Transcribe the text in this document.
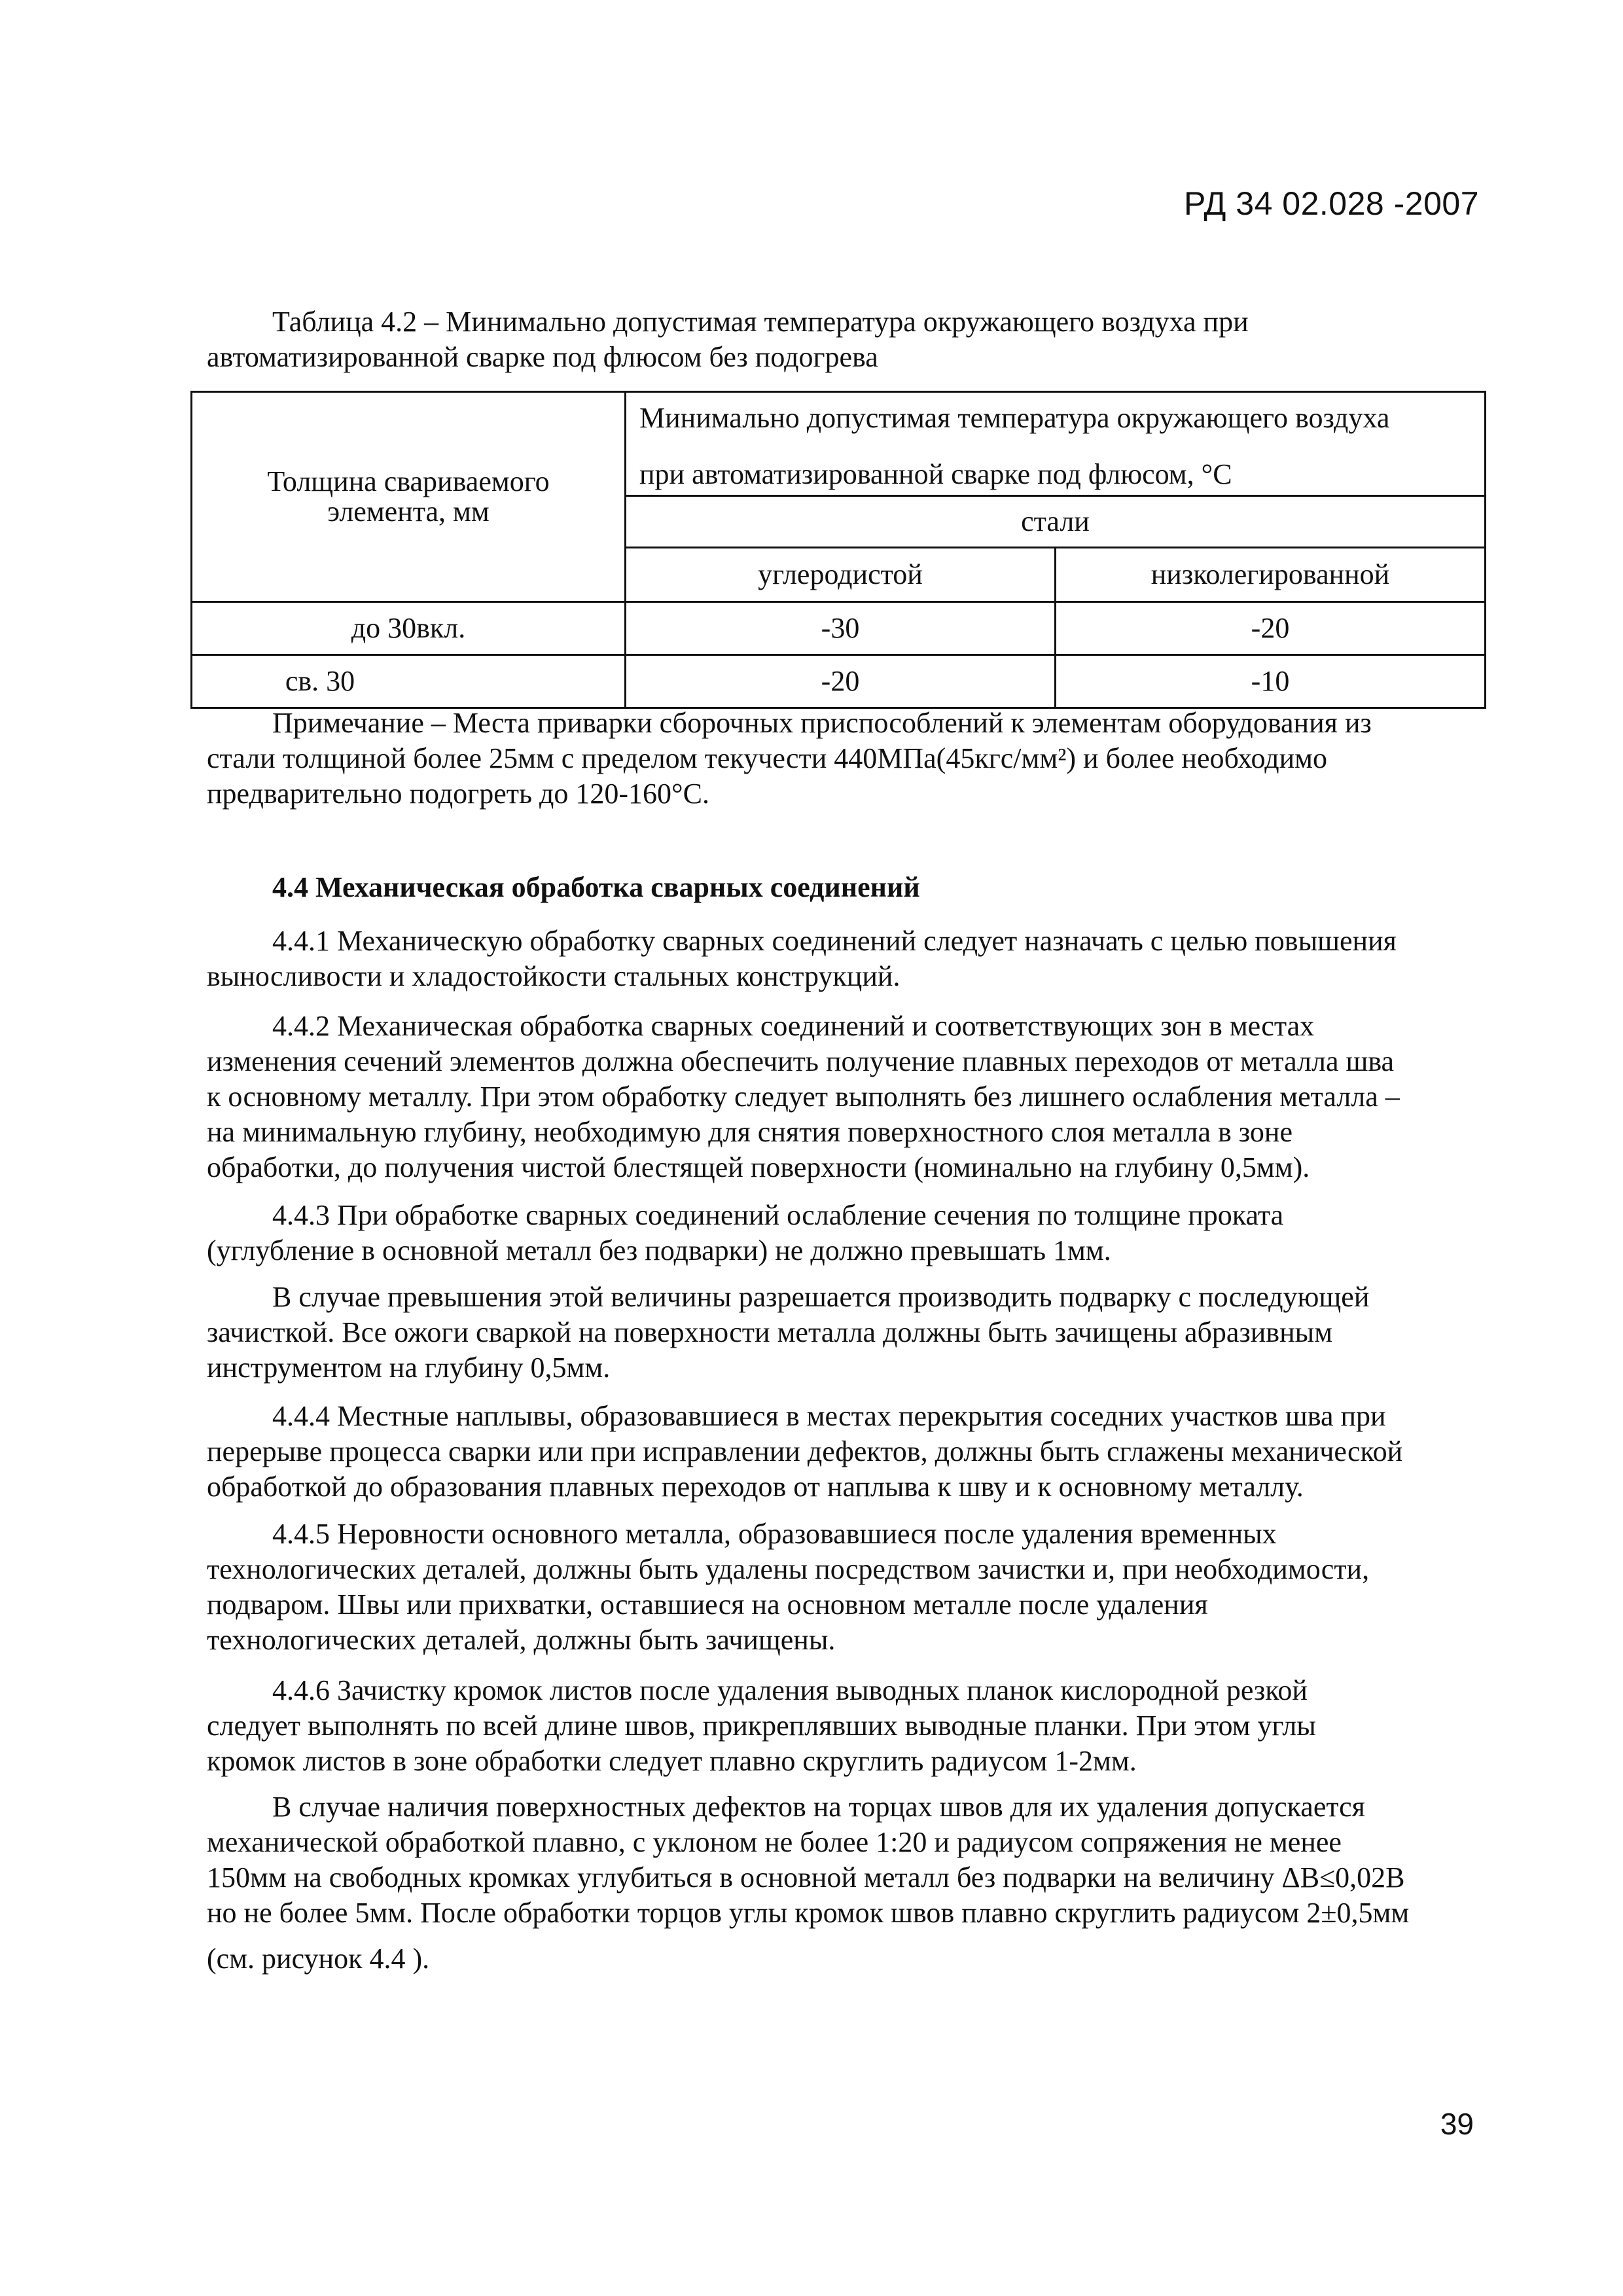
РД 34 02.028 -2007
Таблица 4.2 – Минимально допустимая температура окружающего воздуха при
автоматизированной сварке под флюсом без подогрева
Толщина свариваемого
элемента, мм	Минимально допустимая температура окружающего воздуха
при автоматизированной сварке под флюсом, °С	

	стали	
	углеродистой	низколегированной
до 30вкл.	-30	-20
св. 30	-20	-10

Примечание – Места приварки сборочных приспособлений к элементам оборудования из
стали толщиной более 25мм с пределом текучести 440МПа(45кгс/мм²) и более необходимо
предварительно подогреть до 120-160°С.

4.4 Механическая обработка сварных соединений

4.4.1 Механическую обработку сварных соединений следует назначать с целью повышения
выносливости и хладостойкости стальных конструкций.

4.4.2 Механическая обработка сварных соединений и соответствующих зон в местах
изменения сечений элементов должна обеспечить получение плавных переходов от металла шва
к основному металлу. При этом обработку следует выполнять без лишнего ослабления металла –
на минимальную глубину, необходимую для снятия поверхностного слоя металла в зоне
обработки, до получения чистой блестящей поверхности (номинально на глубину 0,5мм).

4.4.3 При обработке сварных соединений ослабление сечения по толщине проката
(углубление в основной металл без подварки) не должно превышать 1мм.

В случае превышения этой величины разрешается производить подварку с последующей
зачисткой. Все ожоги сваркой на поверхности металла должны быть зачищены абразивным
инструментом на глубину 0,5мм.

4.4.4 Местные наплывы, образовавшиеся в местах перекрытия соседних участков шва при
перерыве процесса сварки или при исправлении дефектов, должны быть сглажены механической
обработкой до образования плавных переходов от наплыва к шву и к основному металлу.

4.4.5 Неровности основного металла, образовавшиеся после удаления временных
технологических деталей, должны быть удалены посредством зачистки и, при необходимости,
подваром. Швы или прихватки, оставшиеся на основном металле после удаления
технологических деталей, должны быть зачищены.

4.4.6 Зачистку кромок листов после удаления выводных планок кислородной резкой
следует выполнять по всей длине швов, прикреплявших выводные планки. При этом углы
кромок листов в зоне обработки следует плавно скруглить радиусом 1-2мм.

В случае наличия поверхностных дефектов на торцах швов для их удаления допускается
механической обработкой плавно, с уклоном не более 1:20 и радиусом сопряжения не менее
150мм на свободных кромках углубиться в основной металл без подварки на величину ΔВ≤0,02В
но не более 5мм. После обработки торцов углы кромок швов плавно скруглить радиусом 2±0,5мм
(см. рисунок 4.4 ).

39
